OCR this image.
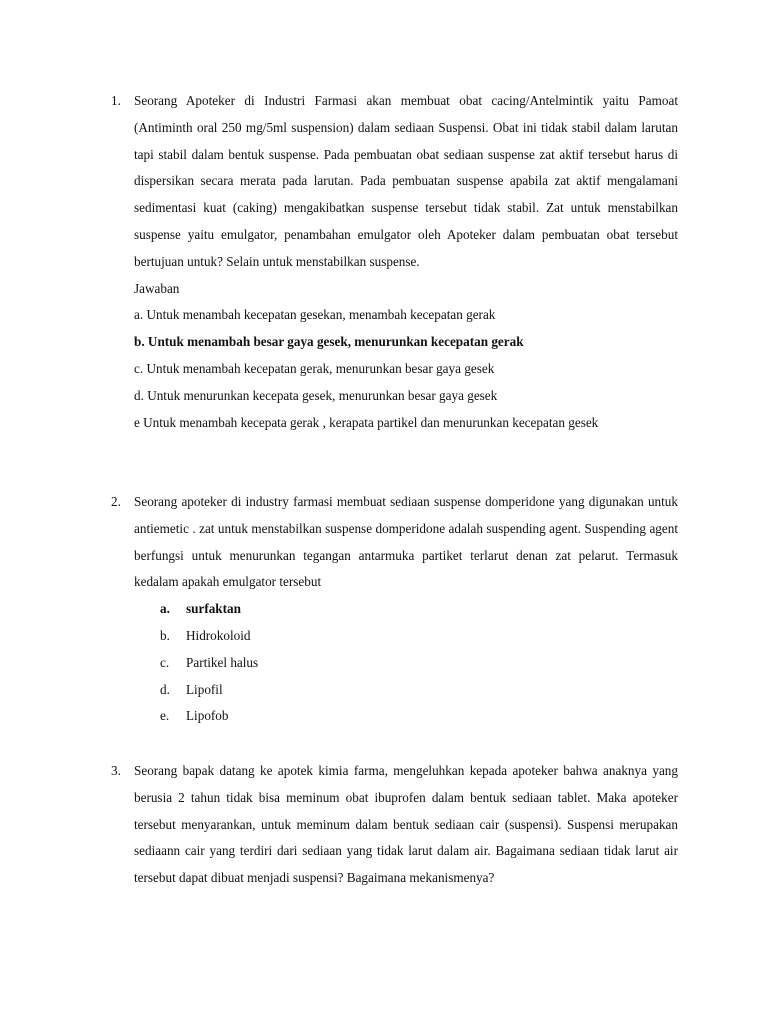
1. Seorang Apoteker di Industri Farmasi akan membuat obat cacing/Antelmintik yaitu Pamoat (Antiminth oral 250 mg/5ml suspension) dalam sediaan Suspensi. Obat ini tidak stabil dalam larutan tapi stabil dalam bentuk suspense. Pada pembuatan obat sediaan suspense zat aktif tersebut harus di dispersikan secara merata pada larutan. Pada pembuatan suspense apabila zat aktif mengalamani sedimentasi kuat (caking) mengakibatkan suspense tersebut tidak stabil. Zat untuk menstabilkan suspense yaitu emulgator, penambahan emulgator oleh Apoteker dalam pembuatan obat tersebut bertujuan untuk? Selain untuk menstabilkan suspense.

Jawaban

a. Untuk menambah kecepatan gesekan, menambah kecepatan gerak

b. Untuk menambah besar gaya gesek, menurunkan kecepatan gerak

c. Untuk menambah kecepatan gerak, menurunkan besar gaya gesek

d. Untuk menurunkan kecepata gesek, menurunkan besar gaya gesek

e Untuk menambah kecepata gerak , kerapata partikel dan menurunkan kecepatan gesek

2. Seorang apoteker di industry farmasi membuat sediaan suspense domperidone yang digunakan untuk antiemetic . zat untuk menstabilkan suspense domperidone adalah suspending agent. Suspending agent berfungsi untuk menurunkan tegangan antarmuka partiket terlarut denan zat pelarut. Termasuk kedalam apakah emulgator tersebut

a.	surfaktan
b.	Hidrokoloid
c.	Partikel halus
d.	Lipofil
e.	Lipofob
3. Seorang bapak datang ke apotek kimia farma, mengeluhkan kepada apoteker bahwa anaknya yang berusia 2 tahun tidak bisa meminum obat ibuprofen dalam bentuk sediaan tablet. Maka apoteker tersebut menyarankan, untuk meminum dalam bentuk sediaan cair (suspensi). Suspensi merupakan sediaann cair yang terdiri dari sediaan yang tidak larut dalam air. Bagaimana sediaan tidak larut air tersebut dapat dibuat menjadi suspensi? Bagaimana mekanismenya?
